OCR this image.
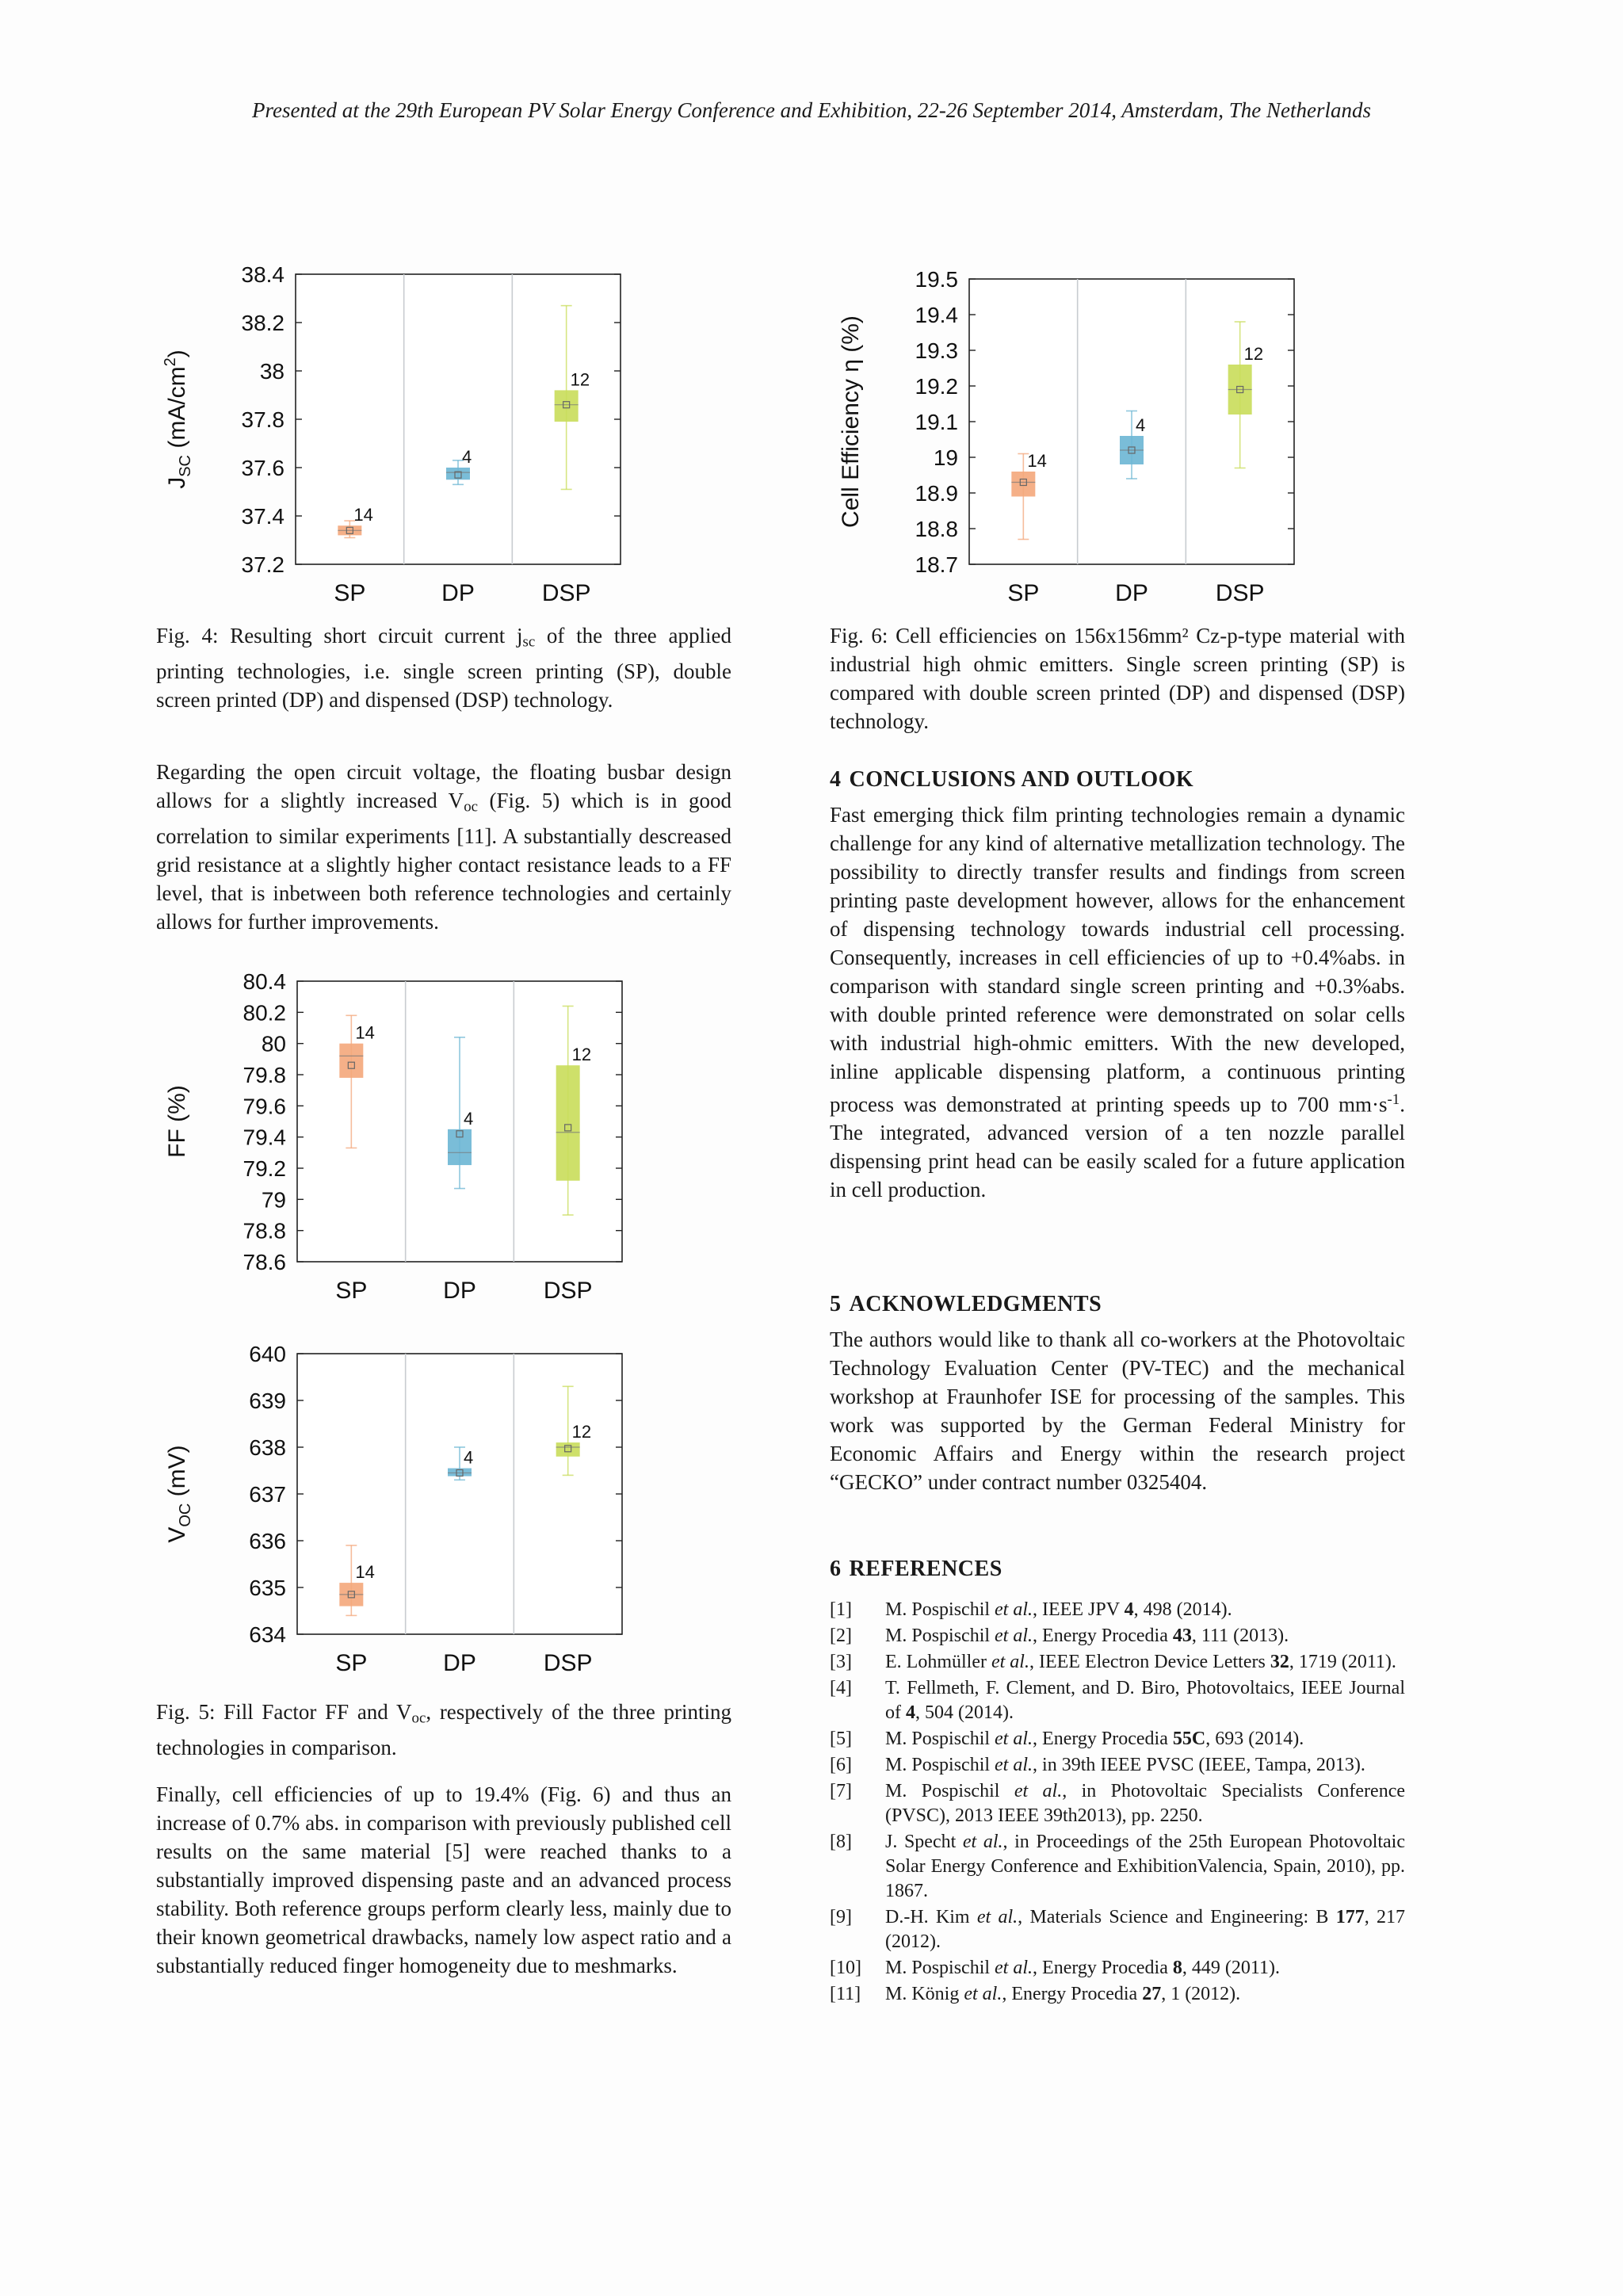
Presented at the 29th European PV Solar Energy Conference and Exhibition, 22-26 September 2014, Amsterdam, The Netherlands
37.2
37.4
37.6
37.8
38
38.2
38.4
$J_{SC}$ $(mA/cm^2)$
14
SP
4
DP
12
DSP

Fig. 4: Resulting short circuit current $j_{sc}$ of the three applied printing technologies, i.e. single screen printing (SP), double screen printed (DP) and dispensed (DSP) technology.

Regarding the open circuit voltage, the floating busbar design allows for a slightly increased $V_{oc}$ (Fig. 5) which is in good correlation to similar experiments [11]. A substantially descreased grid resistance at a slightly higher contact resistance leads to a FF level, that is inbetween both reference technologies and certainly allows for further improvements.

78.6
78.8
79
79.2
79.4
79.6
79.8
80
80.2
80.4
FF (%)
14
SP
4
DP
12
DSP
634
635
636
637
638
639
640
$V_{OC}$ (mV)
14
SP
4
DP
12
DSP

Fig. 5: Fill Factor FF and $V_{oc}$, respectively of the three printing technologies in comparison.

Finally, cell efficiencies of up to 19.4% (Fig. 6) and thus an increase of 0.7% abs. in comparison with previously published cell results on the same material [5] were reached thanks to a substantially improved dispensing paste and an advanced process stability. Both reference groups perform clearly less, mainly due to their known geometrical drawbacks, namely low aspect ratio and a substantially reduced finger homogeneity due to meshmarks.

18.7
18.8
18.9
19
19.1
19.2
19.3
19.4
19.5
Cell Efficiency η (%)	14
SP
4
DP
12
DSP

Fig. 6: Cell efficiencies on 156x156mm² Cz-p-type material with industrial high ohmic emitters. Single screen printing (SP) is compared with double screen printed (DP) and dispensed (DSP) technology.

4 CONCLUSIONS AND OUTLOOK

Fast emerging thick film printing technologies remain a dynamic challenge for any kind of alternative metallization technology. The possibility to directly transfer results and findings from screen printing paste development however, allows for the enhancement of dispensing technology towards industrial cell processing. Consequently, increases in cell efficiencies of up to +0.4%abs. in comparison with standard single screen printing and +0.3%abs. with double printed reference were demonstrated on solar cells with industrial high-ohmic emitters. With the new developed, inline applicable dispensing platform, a continuous printing process was demonstrated at printing speeds up to 700 $mm\cdot s^{-1}$. The integrated, advanced version of a ten nozzle parallel dispensing print head can be easily scaled for a future application in cell production.

5 ACKNOWLEDGMENTS

The authors would like to thank all co-workers at the Photovoltaic Technology Evaluation Center (PV-TEC) and the mechanical workshop at Fraunhofer ISE for processing of the samples. This work was supported by the German Federal Ministry for Economic Affairs and Energy within the research project “GECKO” under contract number 0325404.

6 REFERENCES
[1]	M. Pospischil et al., IEEE JPV 4, 498 (2014).
[2]	M. Pospischil et al., Energy Procedia 43, 111 (2013).
[3]	E. Lohmüller et al., IEEE Electron Device Letters 32, 1719 (2011).
[4]	T. Fellmeth, F. Clement, and D. Biro, Photovoltaics, IEEE Journal of 4, 504 (2014).
[5]	M. Pospischil et al., Energy Procedia 55C, 693 (2014).
[6]	M. Pospischil et al., in 39th IEEE PVSC (IEEE, Tampa, 2013).
[7]	M. Pospischil et al., in Photovoltaic Specialists Conference (PVSC), 2013 IEEE 39th2013), pp. 2250.
[8]	J. Specht et al., in Proceedings of the 25th European Photovoltaic Solar Energy Conference and ExhibitionValencia, Spain, 2010), pp. 1867.
[9]	D.-H. Kim et al., Materials Science and Engineering: B 177, 217 (2012).
[10]	M. Pospischil et al., Energy Procedia 8, 449 (2011).
[11]	M. König et al., Energy Procedia 27, 1 (2012).
